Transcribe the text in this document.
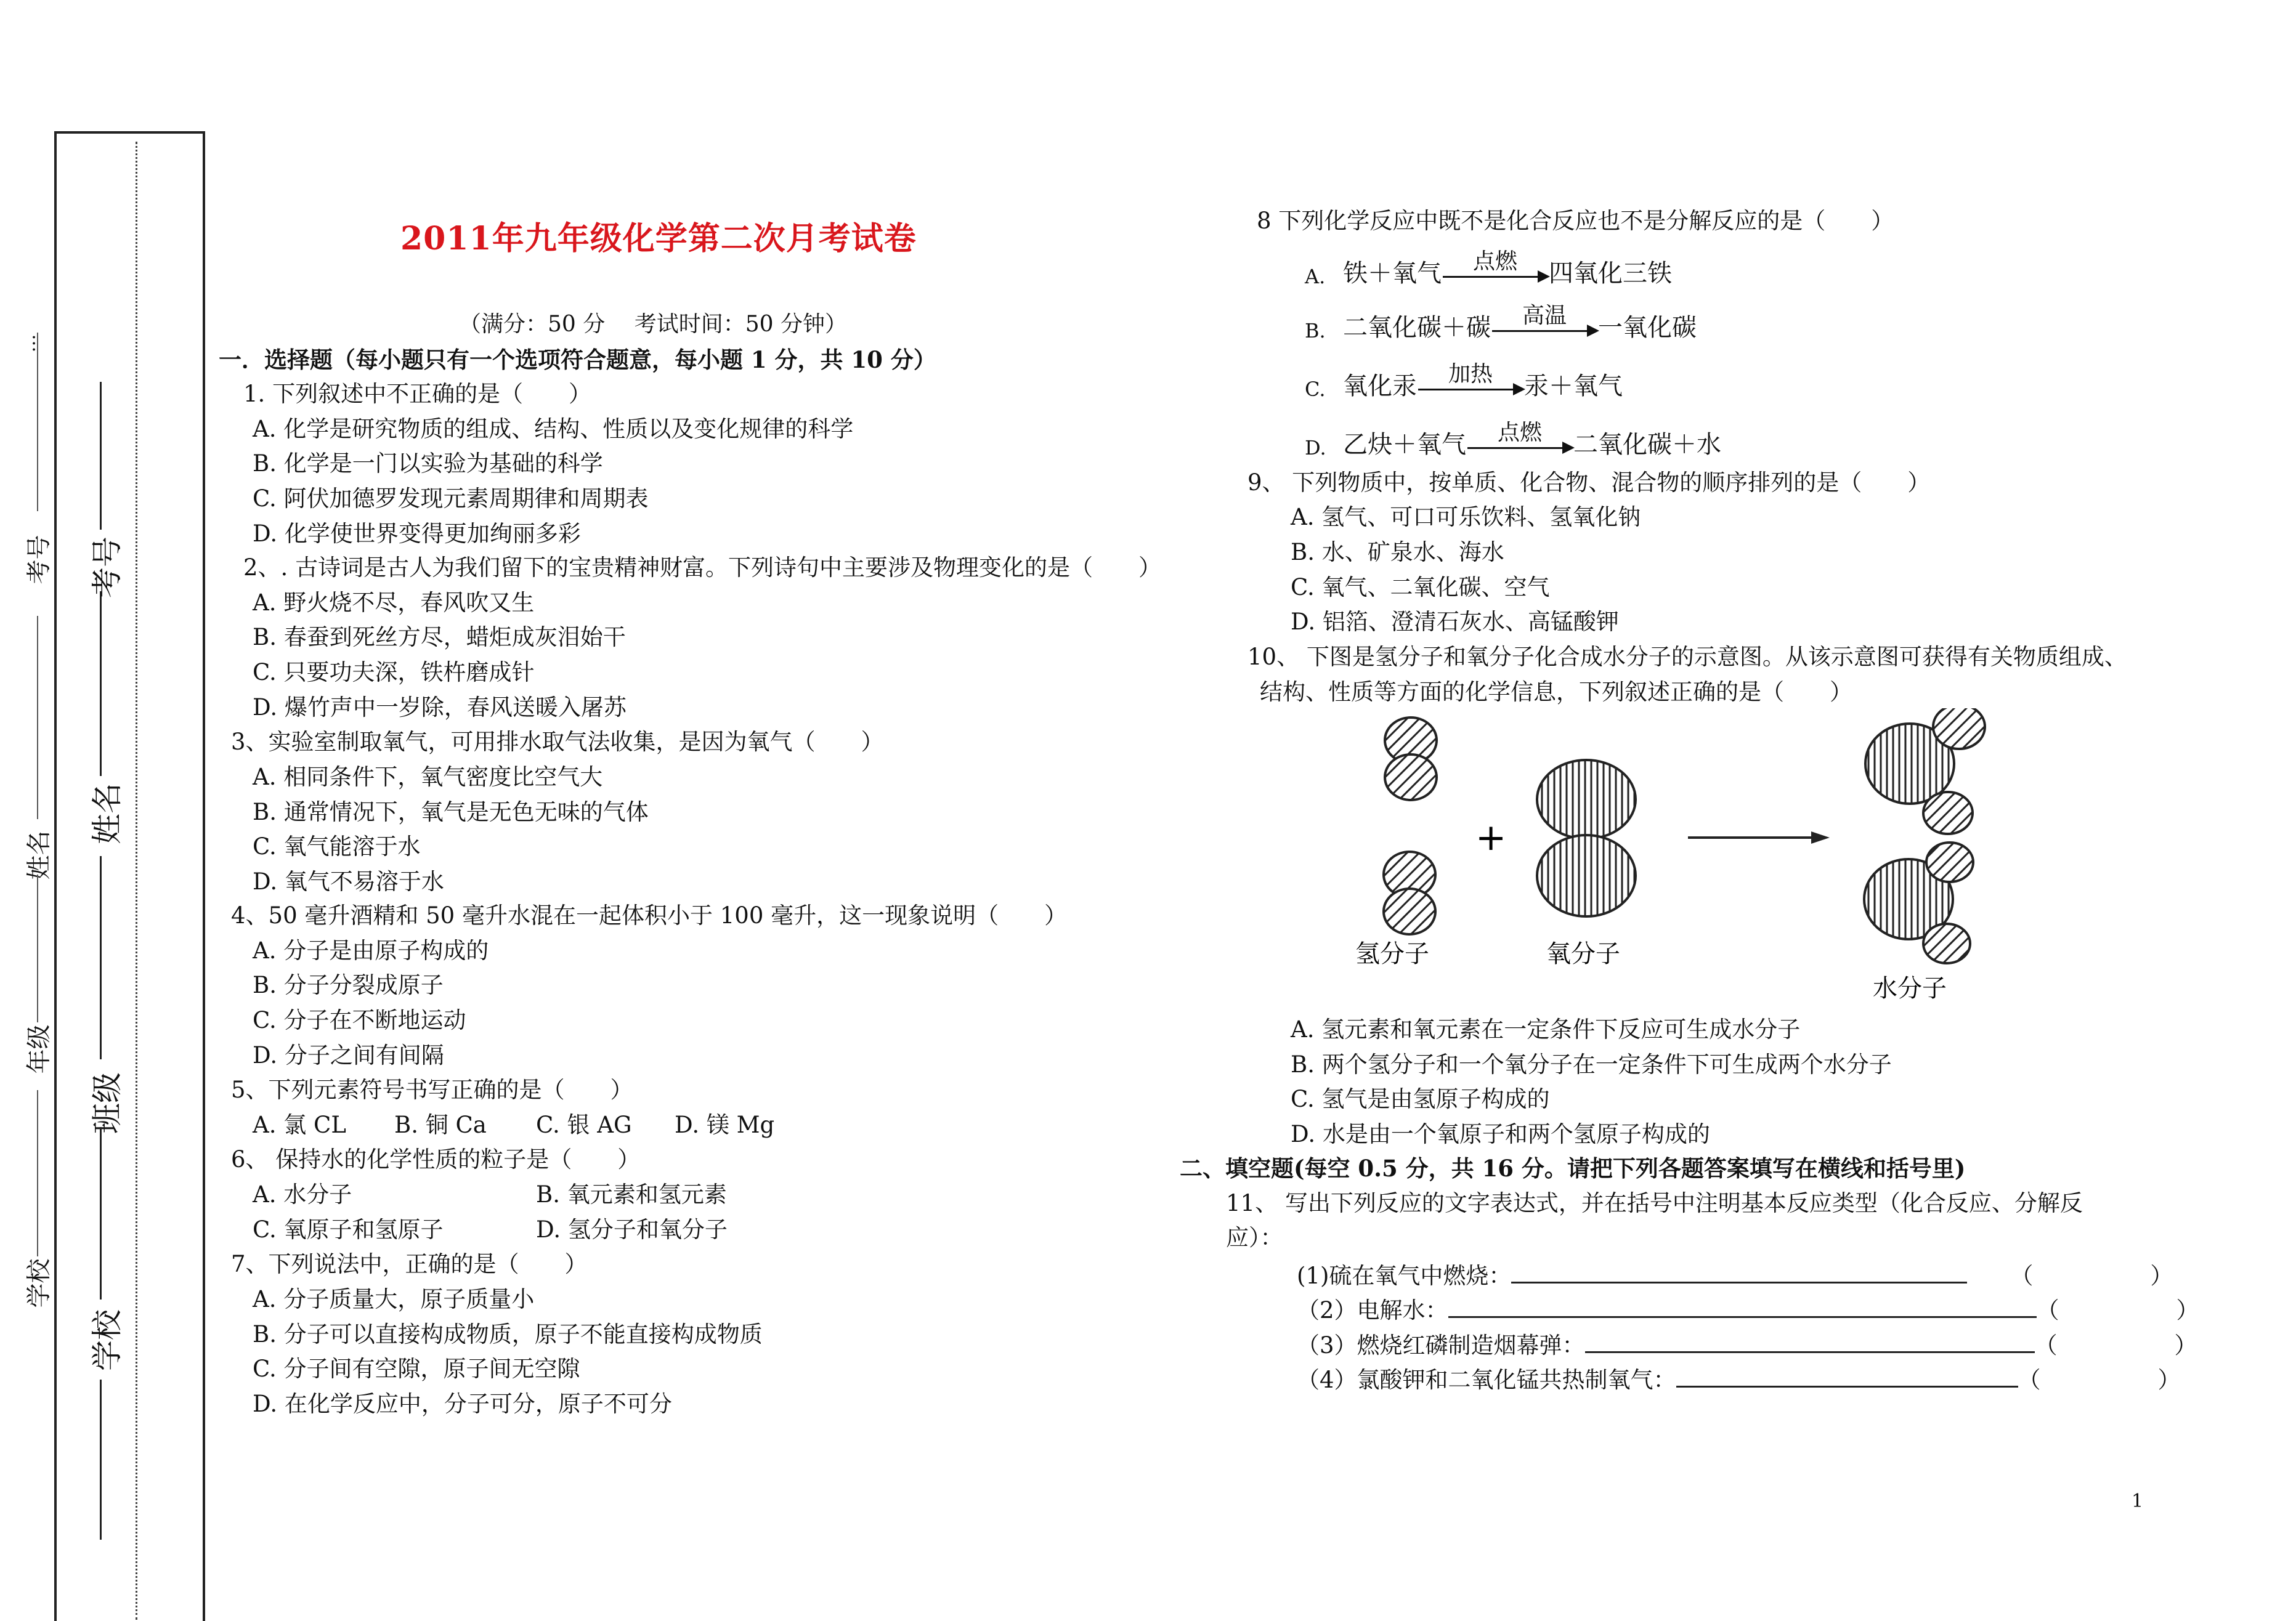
考号
姓名
年级
学校
…
考号
姓名
班级
学校
2011年九年级化学第二次月考试卷
（满分：50 分　 考试时间：50 分钟）
一．选择题（每小题只有一个选项符合题意，每小题 1 分，共 10 分）
1. 下列叙述中不正确的是（　　）
A. 化学是研究物质的组成、结构、性质以及变化规律的科学
B. 化学是一门以实验为基础的科学
C. 阿伏加德罗发现元素周期律和周期表
D. 化学使世界变得更加绚丽多彩
2、. 古诗词是古人为我们留下的宝贵精神财富。下列诗句中主要涉及物理变化的是（　　）
A. 野火烧不尽，春风吹又生
B. 春蚕到死丝方尽，蜡炬成灰泪始干
C. 只要功夫深，铁杵磨成针
D. 爆竹声中一岁除，春风送暖入屠苏
3、实验室制取氧气，可用排水取气法收集，是因为氧气（　　）
A. 相同条件下，氧气密度比空气大
B. 通常情况下，氧气是无色无味的气体
C. 氧气能溶于水
D. 氧气不易溶于水
4、50 毫升酒精和 50 毫升水混在一起体积小于 100 毫升，这一现象说明（　　）
A. 分子是由原子构成的
B. 分子分裂成原子
C. 分子在不断地运动
D. 分子之间有间隔
5、下列元素符号书写正确的是（　　）
A. 氯 CL B. 铜 Ca C. 银 AG D. 镁 Mg
6、 保持水的化学性质的粒子是（　　）
A. 水分子	B. 氧元素和氢元素
C. 氧原子和氢原子	D. 氢分子和氧分子
7、下列说法中，正确的是（　　）
A. 分子质量大，原子质量小
B. 分子可以直接构成物质，原子不能直接构成物质
C. 分子间有空隙，原子间无空隙
D. 在化学反应中，分子可分，原子不可分
8 下列化学反应中既不是化合反应也不是分解反应的是（　　）
A. 铁＋氧气	点燃	四氧化三铁
B. 二氧化碳＋碳	高温	一氧化碳
C. 氧化汞	加热	汞＋氧气
D. 乙炔＋氧气	点燃	二氧化碳＋水
9、 下列物质中，按单质、化合物、混合物的顺序排列的是（　　）
A. 氢气、可口可乐饮料、氢氧化钠
B. 水、矿泉水、海水
C. 氧气、二氧化碳、空气
D. 铝箔、澄清石灰水、高锰酸钾
10、 下图是氢分子和氧分子化合成水分子的示意图。从该示意图可获得有关物质组成、
结构、性质等方面的化学信息，下列叙述正确的是（　　）
氢分子
+
氧分子
水分子
A. 氢元素和氧元素在一定条件下反应可生成水分子
B. 两个氢分子和一个氧分子在一定条件下可生成两个水分子
C. 氢气是由氢原子构成的
D. 水是由一个氧原子和两个氢原子构成的
二、填空题(每空 0.5 分，共 16 分。请把下列各题答案填写在横线和括号里)
11、 写出下列反应的文字表达式，并在括号中注明基本反应类型（化合反应、分解反
应）：
(1)硫在氧气中燃烧：	（	）
（2）电解水：	（	）
（3）燃烧红磷制造烟幕弹：	（	）
（4）氯酸钾和二氧化锰共热制氧气：	（	）
1
